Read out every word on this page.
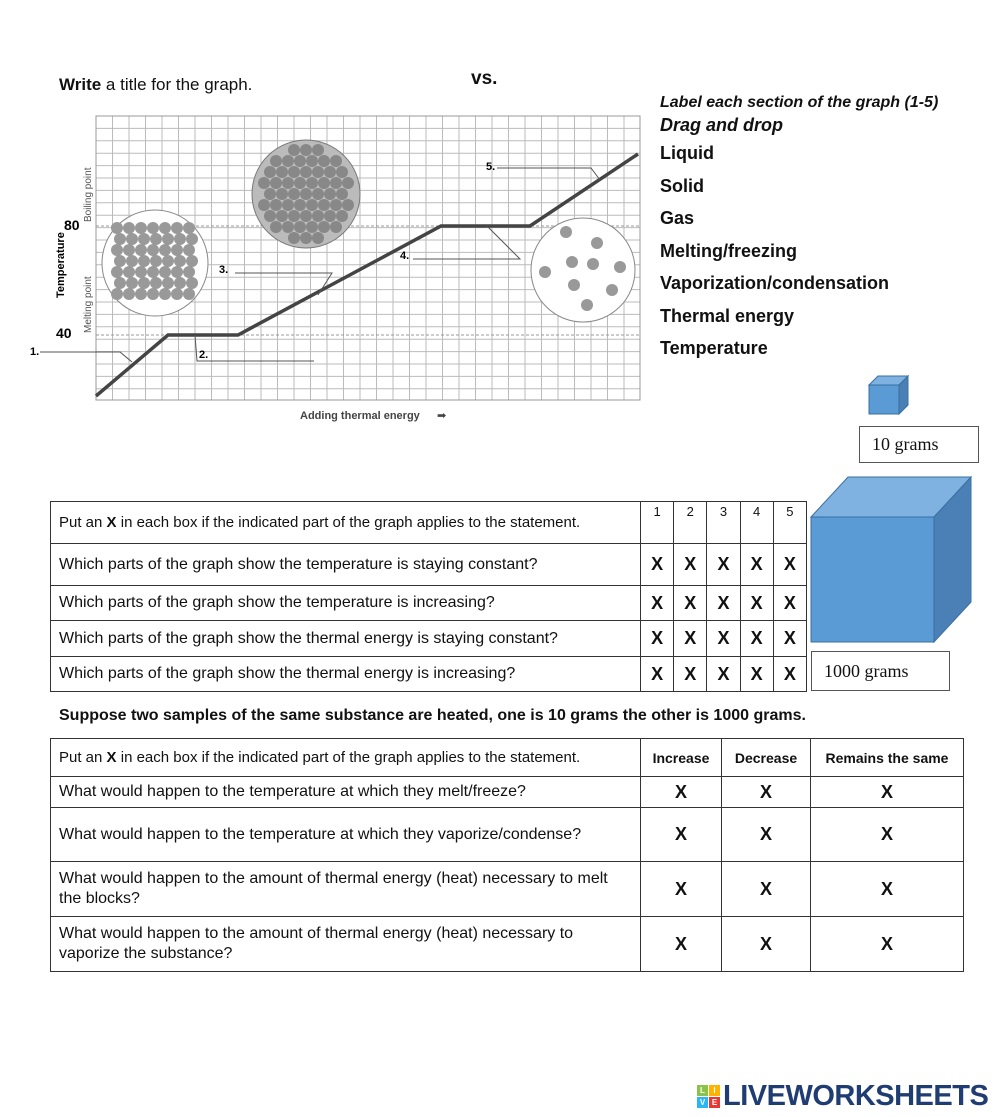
Write a title for the graph.	vs.
1.	2.
3.
4.
5.
40
80
Temperature
Melting point
Boiling point
Adding thermal energy ➡
Label each section of the graph (1-5)
Drag and drop
Liquid
Solid
Gas
Melting/freezing
Vaporization/condensation
Thermal energy
Temperature
10 grams
1000 grams
Put an X in each box if the indicated part of the graph applies to the statement.	1	2	3	4	5
Which parts of the graph show the temperature is staying constant?	X	X	X	X	X
Which parts of the graph show the temperature is increasing?	X	X	X	X	X
Which parts of the graph show the thermal energy is staying constant?	X	X	X	X	X
Which parts of the graph show the thermal energy is increasing?	X	X	X	X	X
Suppose two samples of the same substance are heated, one is 10 grams the other is 1000 grams.
Put an X in each box if the indicated part of the graph applies to the statement.	Increase	Decrease	Remains the same
What would happen to the temperature at which they melt/freeze?	X	X	X
What would happen to the temperature at which they vaporize/condense?	X	X	X
What would happen to the amount of thermal energy (heat) necessary to melt the blocks?	X	X	X
What would happen to the amount of thermal energy (heat) necessary to vaporize the substance?	X	X	X
L	I
V E LIVEWORKSHEETS
